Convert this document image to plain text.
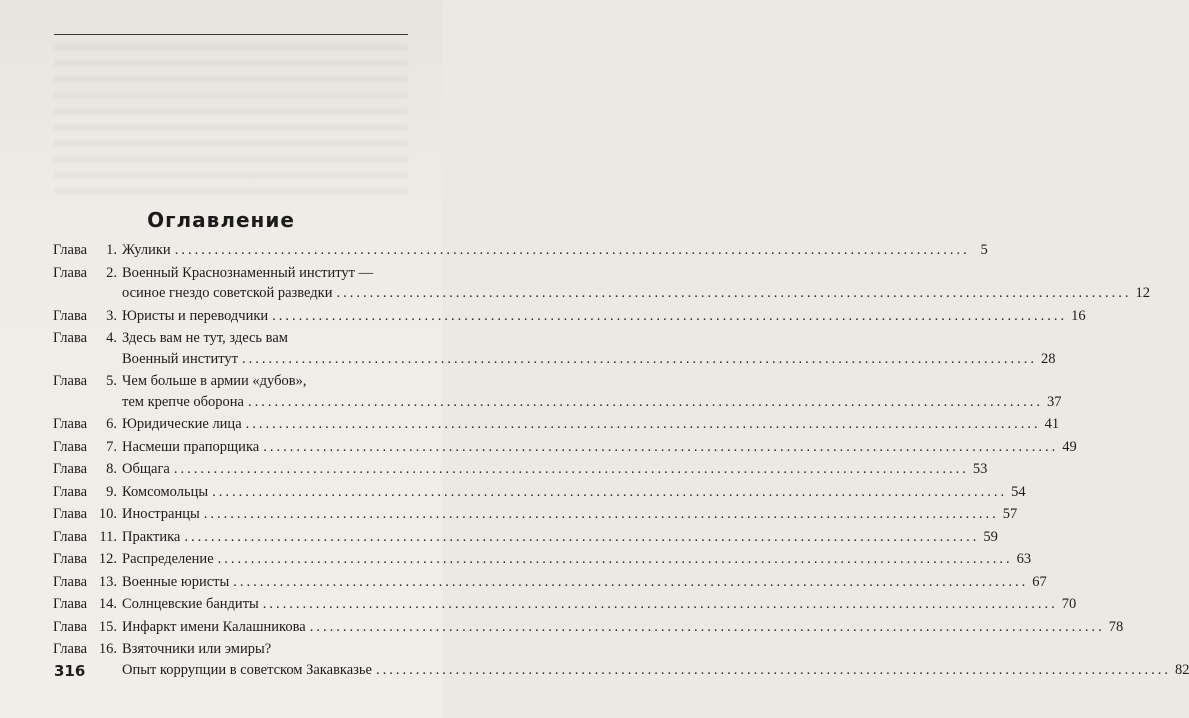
Оглавление
Глава	1. Жулики ........................................................................................................................ 5
Глава	2. Военный Краснознаменный институт —
осиное гнездо советской разведки ........................................................................................................................ 12
Глава	3. Юристы и переводчики ........................................................................................................................ 16
Глава	4. Здесь вам не тут, здесь вам
Военный институт ........................................................................................................................ 28
Глава	5. Чем больше в армии «дубов»,
тем крепче оборона ........................................................................................................................ 37
Глава	6. Юридические лица ........................................................................................................................ 41
Глава	7. Насмеши прапорщика ........................................................................................................................ 49
Глава	8. Общага ........................................................................................................................ 53
Глава	9. Комсомольцы ........................................................................................................................ 54
Глава 10. Иностранцы ........................................................................................................................ 57
Глава 11. Практика ........................................................................................................................ 59
Глава 12. Распределение ........................................................................................................................ 63
Глава 13. Военные юристы ........................................................................................................................ 67
Глава 14. Солнцевские бандиты ........................................................................................................................ 70
Глава 15. Инфаркт имени Калашникова ........................................................................................................................ 78
Глава 16. Взяточники или эмиры?
Опыт коррупции в советском Закавказье ........................................................................................................................ 82
316
